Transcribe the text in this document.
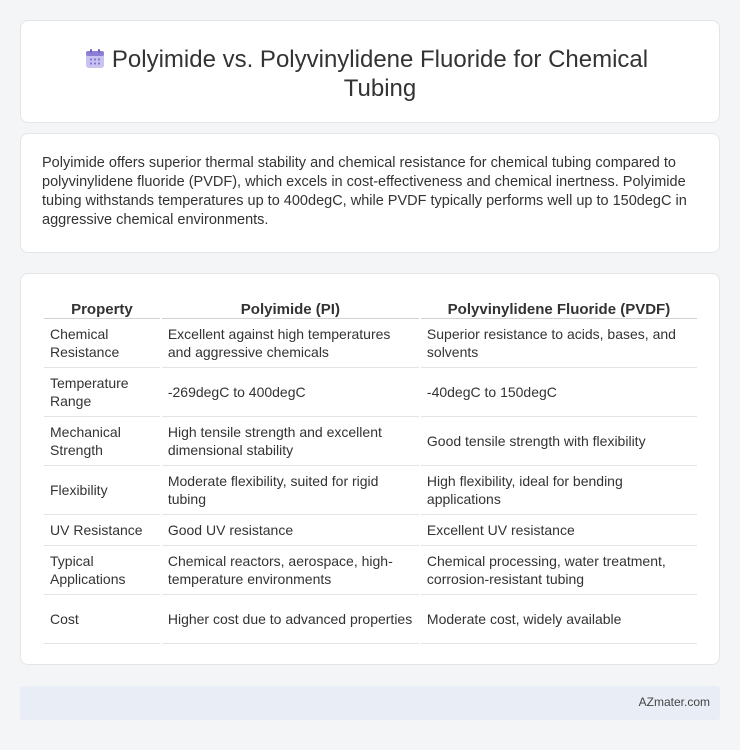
Polyimide vs. Polyvinylidene Fluoride for Chemical Tubing

Polyimide offers superior thermal stability and chemical resistance for chemical tubing compared to polyvinylidene fluoride (PVDF), which excels in cost-effectiveness and chemical inertness. Polyimide tubing withstands temperatures up to 400degC, while PVDF typically performs well up to 150degC in aggressive chemical environments.

Property	Polyimide (PI)	Polyvinylidene Fluoride (PVDF)
Chemical Resistance	Excellent against high temperatures and aggressive chemicals	Superior resistance to acids, bases, and solvents
Temperature Range	-269degC to 400degC	-40degC to 150degC
Mechanical Strength	High tensile strength and excellent dimensional stability	Good tensile strength with flexibility
Flexibility	Moderate flexibility, suited for rigid tubing	High flexibility, ideal for bending applications
UV Resistance	Good UV resistance	Excellent UV resistance
Typical Applications	Chemical reactors, aerospace, high-temperature environments	Chemical processing, water treatment, corrosion-resistant tubing
Cost	Higher cost due to advanced properties	Moderate cost, widely available
AZmater.com
